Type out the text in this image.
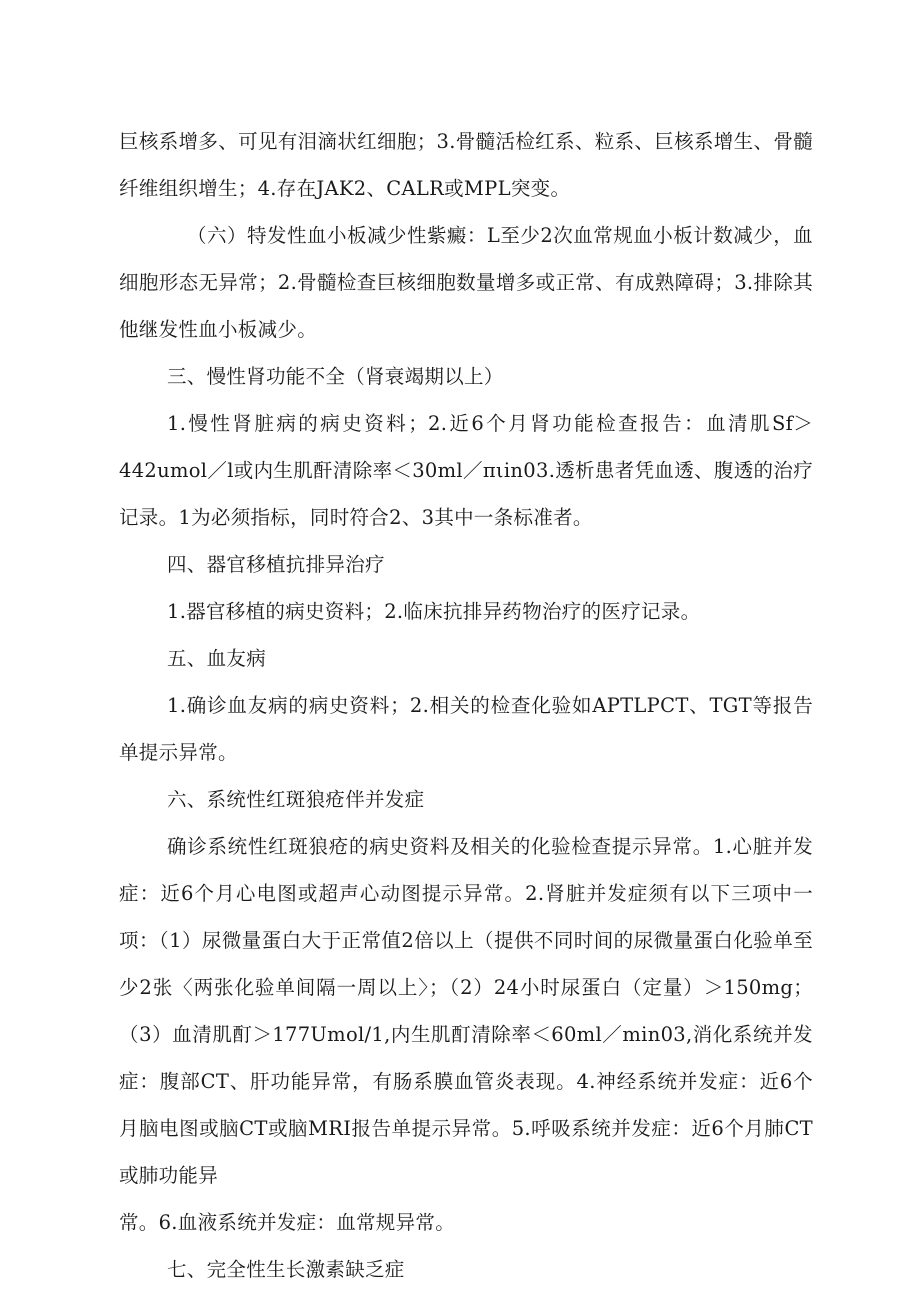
巨核系增多、可见有泪滴状红细胞；3.骨髓活检红系、粒系、巨核系增生、骨髓纤维组织增生；4.存在JAK2、CALR或MPL突变。

（六）特发性血小板减少性紫癜：L至少2次血常规血小板计数减少，血细胞形态无异常；2.骨髓检查巨核细胞数量增多或正常、有成熟障碍；3.排除其他继发性血小板减少。

三、慢性肾功能不全（肾衰竭期以上）

1.慢性肾脏病的病史资料；2.近6个月肾功能检查报告：血清肌Sf＞442umol／l或内生肌酐清除率＜30ml／πιin03.透析患者凭血透、腹透的治疗记录。1为必须指标，同时符合2、3其中一条标准者。

四、器官移植抗排异治疗

1.器官移植的病史资料；2.临床抗排异药物治疗的医疗记录。

五、血友病

1.确诊血友病的病史资料；2.相关的检查化验如APTLPCT、TGT等报告单提示异常。

六、系统性红斑狼疮伴并发症

确诊系统性红斑狼疮的病史资料及相关的化验检查提示异常。1.心脏并发症：近6个月心电图或超声心动图提示异常。2.肾脏并发症须有以下三项中一项：（1）尿微量蛋白大于正常值2倍以上（提供不同时间的尿微量蛋白化验单至少2张〈两张化验单间隔一周以上〉；（2）24小时尿蛋白（定量）＞150mg；（3）血清肌酊＞177Umol/1,内生肌酊清除率＜60ml／min03,消化系统并发症：腹部CT、肝功能异常，有肠系膜血管炎表现。4.神经系统并发症：近6个月脑电图或脑CT或脑MRI报告单提示异常。5.呼吸系统并发症：近6个月肺CT或肺功能异

常。6.血液系统并发症：血常规异常。

七、完全性生长激素缺乏症
